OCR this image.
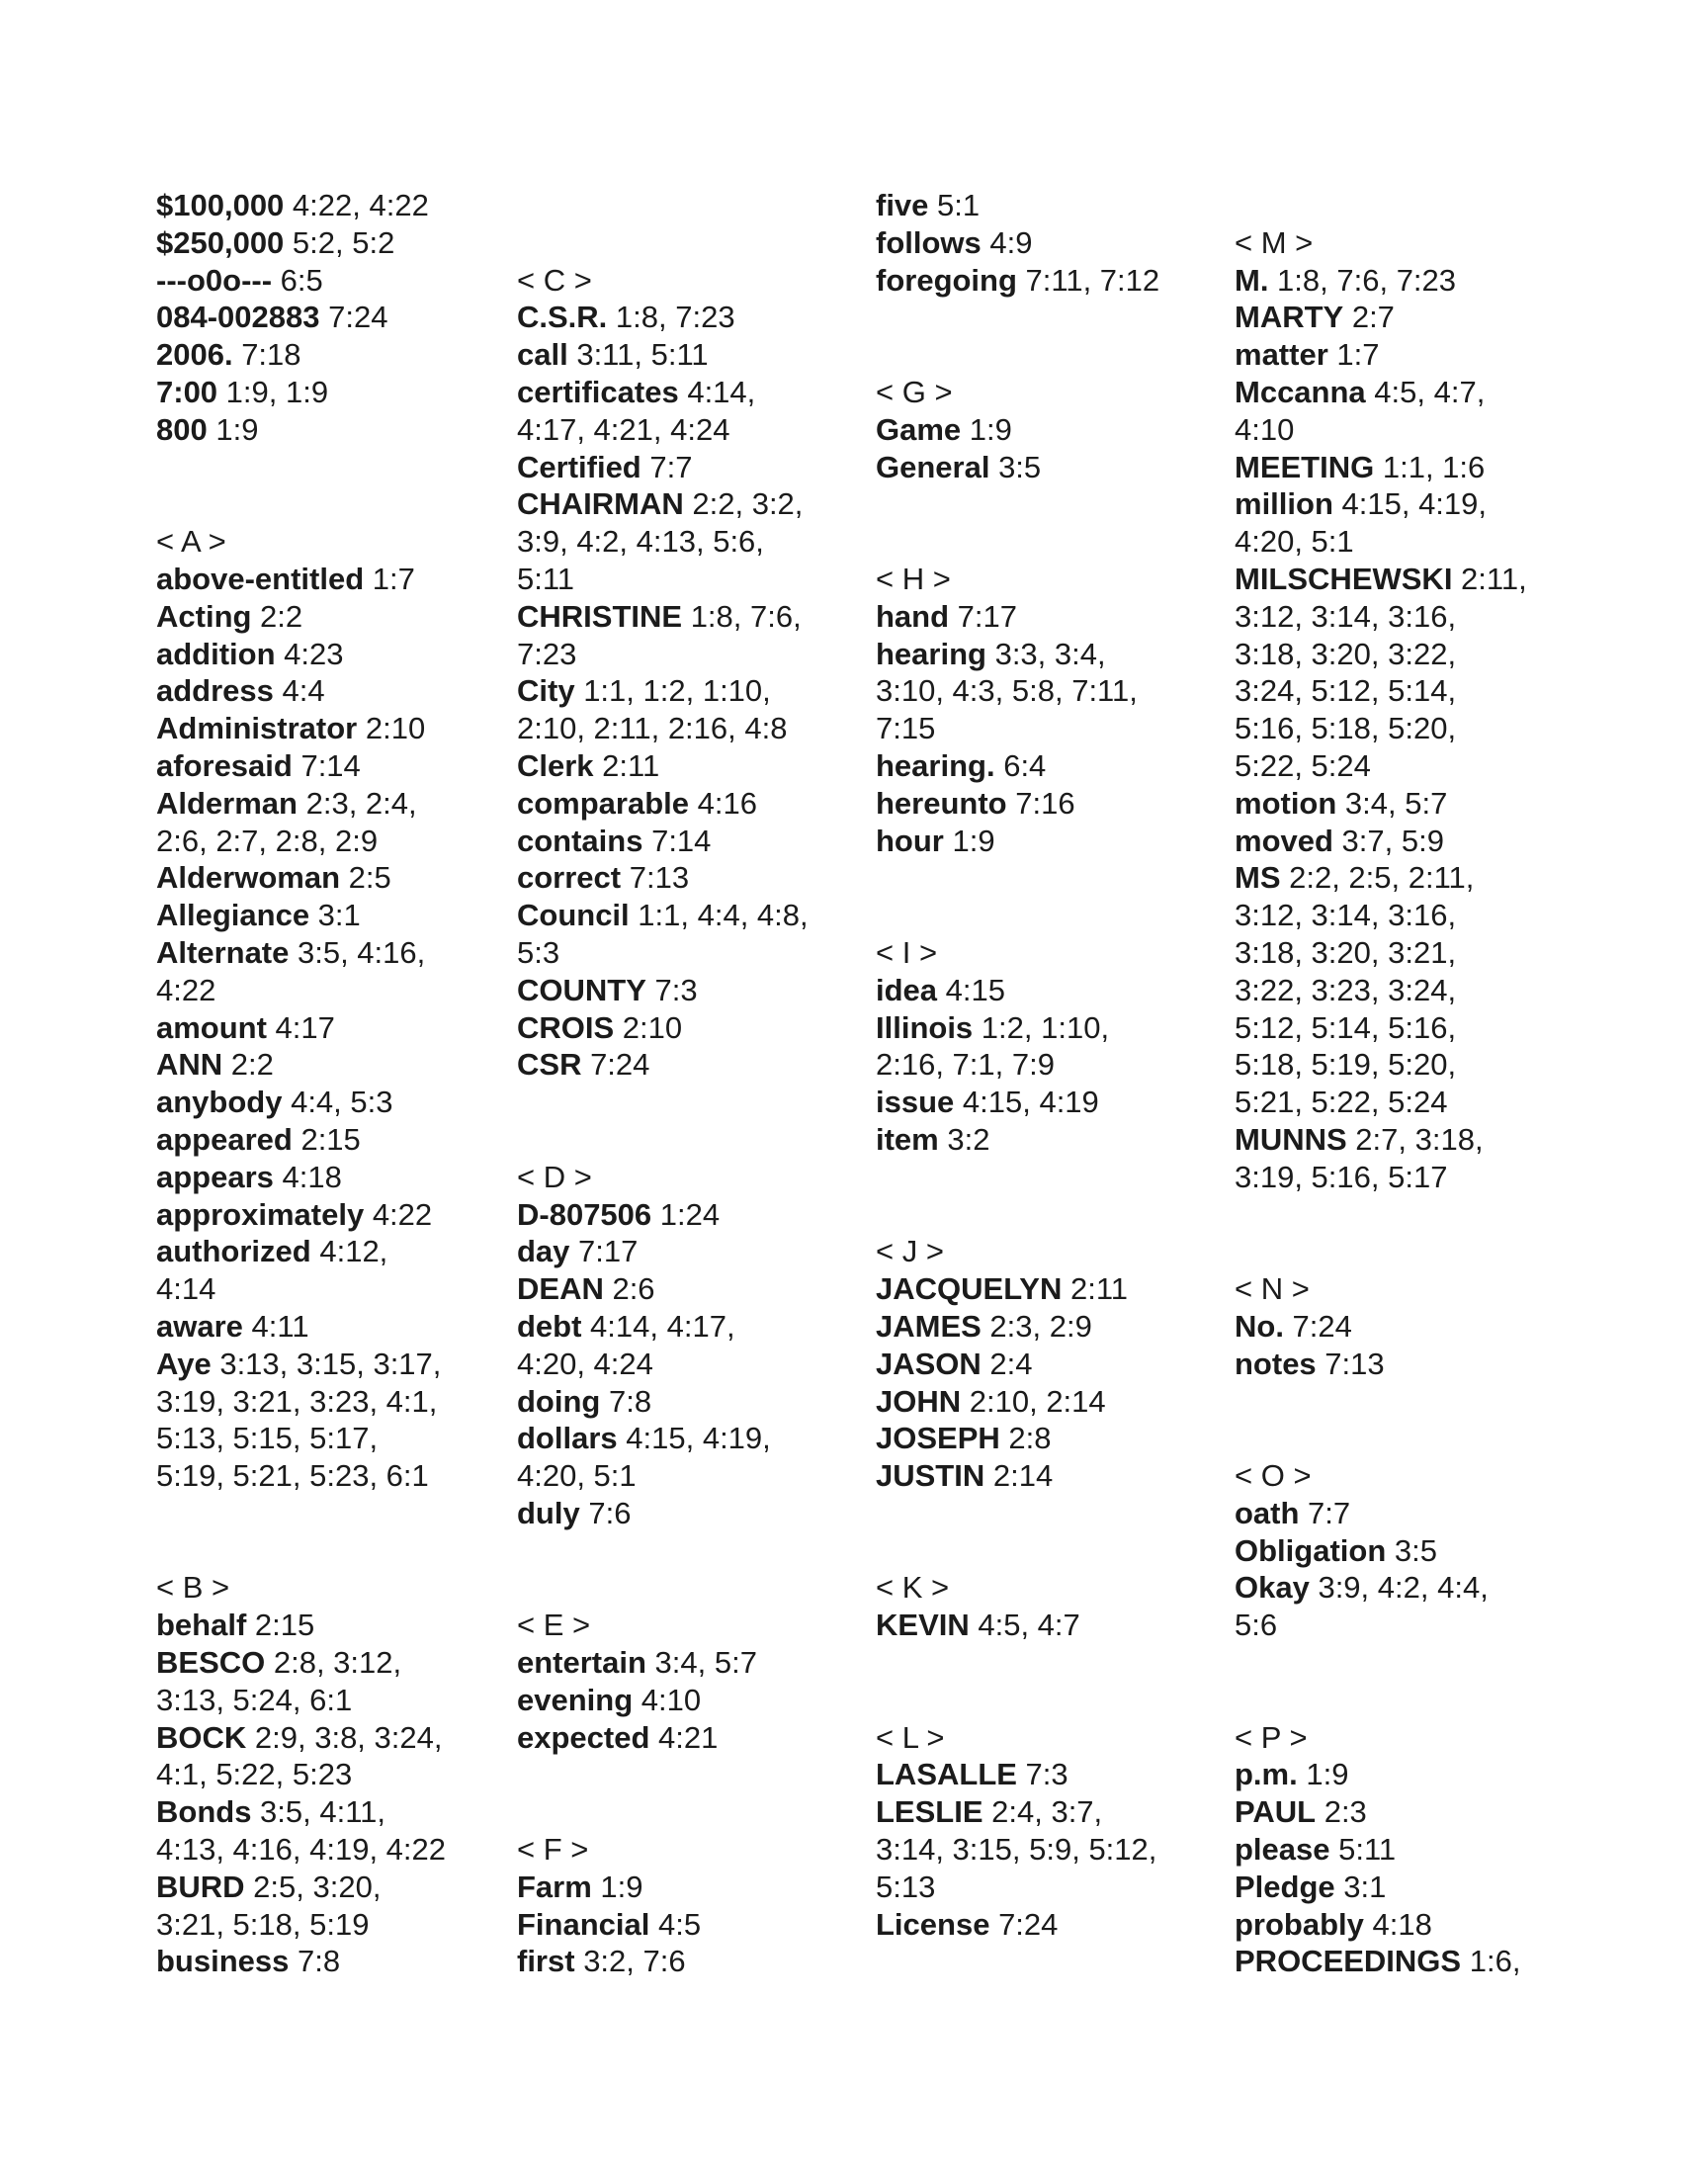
$100,000 4:22, 4:22
$250,000 5:2, 5:2
---o0o--- 6:5
084-002883 7:24
2006. 7:18
7:00 1:9, 1:9
800 1:9
< A >
above-entitled 1:7
Acting 2:2
addition 4:23
address 4:4
Administrator 2:10
aforesaid 7:14
Alderman 2:3, 2:4,
2:6, 2:7, 2:8, 2:9
Alderwoman 2:5
Allegiance 3:1
Alternate 3:5, 4:16,
4:22
amount 4:17
ANN 2:2
anybody 4:4, 5:3
appeared 2:15
appears 4:18
approximately 4:22
authorized 4:12,
4:14
aware 4:11
Aye 3:13, 3:15, 3:17,
3:19, 3:21, 3:23, 4:1,
5:13, 5:15, 5:17,
5:19, 5:21, 5:23, 6:1
< B >
behalf 2:15
BESCO 2:8, 3:12,
3:13, 5:24, 6:1
BOCK 2:9, 3:8, 3:24,
4:1, 5:22, 5:23
Bonds 3:5, 4:11,
4:13, 4:16, 4:19, 4:22
BURD 2:5, 3:20,
3:21, 5:18, 5:19
business 7:8
< C >
C.S.R. 1:8, 7:23
call 3:11, 5:11
certificates 4:14,
4:17, 4:21, 4:24
Certified 7:7
CHAIRMAN 2:2, 3:2,
3:9, 4:2, 4:13, 5:6,
5:11
CHRISTINE 1:8, 7:6,
7:23
City 1:1, 1:2, 1:10,
2:10, 2:11, 2:16, 4:8
Clerk 2:11
comparable 4:16
contains 7:14
correct 7:13
Council 1:1, 4:4, 4:8,
5:3
COUNTY 7:3
CROIS 2:10
CSR 7:24
< D >
D-807506 1:24
day 7:17
DEAN 2:6
debt 4:14, 4:17,
4:20, 4:24
doing 7:8
dollars 4:15, 4:19,
4:20, 5:1
duly 7:6
< E >
entertain 3:4, 5:7
evening 4:10
expected 4:21
< F >
Farm 1:9
Financial 4:5
first 3:2, 7:6
five 5:1
follows 4:9
foregoing 7:11, 7:12
< G >
Game 1:9
General 3:5
< H >
hand 7:17
hearing 3:3, 3:4,
3:10, 4:3, 5:8, 7:11,
7:15
hearing. 6:4
hereunto 7:16
hour 1:9
< I >
idea 4:15
Illinois 1:2, 1:10,
2:16, 7:1, 7:9
issue 4:15, 4:19
item 3:2
< J >
JACQUELYN 2:11
JAMES 2:3, 2:9
JASON 2:4
JOHN 2:10, 2:14
JOSEPH 2:8
JUSTIN 2:14
< K >
KEVIN 4:5, 4:7
< L >
LASALLE 7:3
LESLIE 2:4, 3:7,
3:14, 3:15, 5:9, 5:12,
5:13
License 7:24
< M >
M. 1:8, 7:6, 7:23
MARTY 2:7
matter 1:7
Mccanna 4:5, 4:7,
4:10
MEETING 1:1, 1:6
million 4:15, 4:19,
4:20, 5:1
MILSCHEWSKI 2:11,
3:12, 3:14, 3:16,
3:18, 3:20, 3:22,
3:24, 5:12, 5:14,
5:16, 5:18, 5:20,
5:22, 5:24
motion 3:4, 5:7
moved 3:7, 5:9
MS 2:2, 2:5, 2:11,
3:12, 3:14, 3:16,
3:18, 3:20, 3:21,
3:22, 3:23, 3:24,
5:12, 5:14, 5:16,
5:18, 5:19, 5:20,
5:21, 5:22, 5:24
MUNNS 2:7, 3:18,
3:19, 5:16, 5:17
< N >
No. 7:24
notes 7:13
< O >
oath 7:7
Obligation 3:5
Okay 3:9, 4:2, 4:4,
5:6
< P >
p.m. 1:9
PAUL 2:3
please 5:11
Pledge 3:1
probably 4:18
PROCEEDINGS 1:6,
